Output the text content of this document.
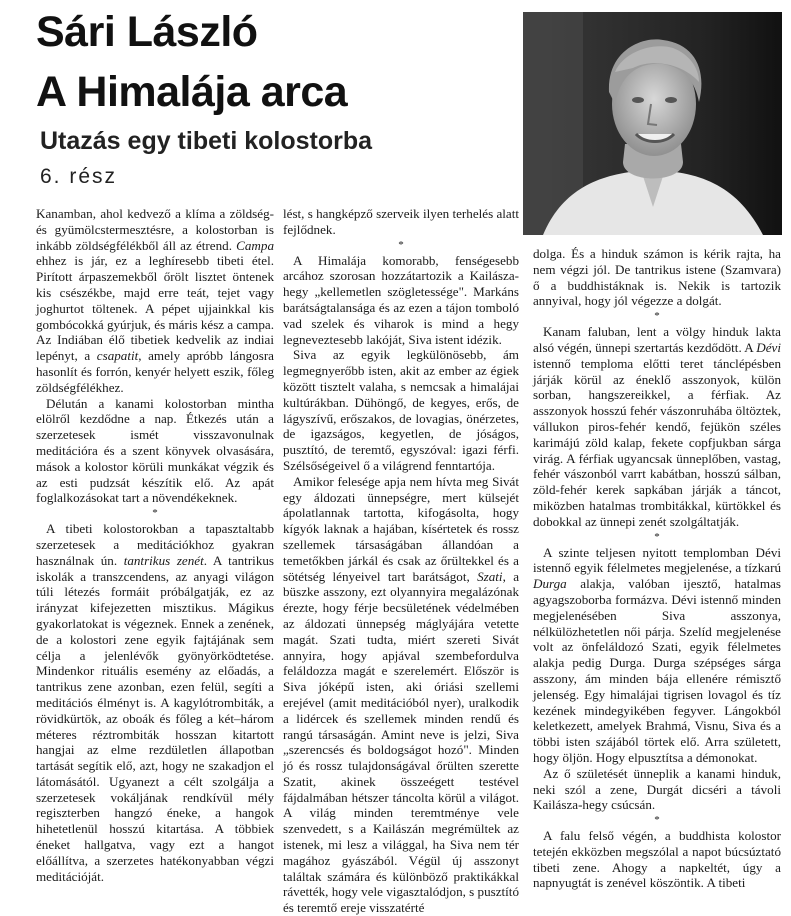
Sári László
A Himalája arca
Utazás egy tibeti kolostorba
6. rész

Kanamban, ahol kedvező a klíma a zöldség- és gyümölcstermesztésre, a kolostorban is inkább zöldségfélékből áll az étrend. Campa ehhez is jár, ez a leghíresebb tibeti étel. Pirított árpaszemekből őrölt lisztet öntenek kis csészékbe, majd erre teát, tejet vagy joghurtot töltenek. A pépet ujjainkkal kis gombócokká gyúrjuk, és máris kész a campa. Az Indiában élő tibetiek kedvelik az indiai lepényt, a csapatit, amely apróbb lángosra hasonlít és forrón, kenyér helyett eszik, főleg zöldségfélékhez.

Délután a kanami kolostorban mintha elölről kezdődne a nap. Étkezés után a szerzetesek ismét visszavonulnak meditációra és a szent könyvek olvasására, mások a kolostor körüli munkákat végzik és az esti pudzsát készítik elő. Az apát foglalkozásokat tart a növendékeknek.

*

A tibeti kolostorokban a tapasztaltabb szerzetesek a meditációkhoz gyakran használnak ún. tantrikus zenét. A tantrikus iskolák a transzcendens, az anyagi világon túli létezés formáit próbálgatják, ez az irányzat kifejezetten misztikus. Mágikus gyakorlatokat is végeznek. Ennek a zenének, de a kolostori zene egyik fajtájának sem célja a jelenlévők gyönyörködtetése. Mindenkor rituális esemény az előadás, a tantrikus zene azonban, ezen felül, segíti a meditációs élményt is. A kagylótrombiták, a rövidkürtök, az oboák és főleg a két–három méteres réztrombiták hosszan kitartott hangjai az elme rezdületlen állapotban tartását segítik elő, azt, hogy ne szakadjon el látomásától. Ugyanezt a célt szolgálja a szerzetesek vokáljának rendkívül mély regiszterben hangzó éneke, a hangok hihetetlenül hosszú kitartása. A többiek éneket hallgatva, vagy ezt a hangot előállítva, a szerzetes hatékonyabban végzi meditációját.

lést, s hangképző szerveik ilyen terhelés alatt fejlődnek.

*

A Himalája komorabb, fenségesebb arcához szorosan hozzátartozik a Kailásza-hegy „kellemetlen szögletessége". Markáns barátságtalansága és az ezen a tájon tomboló vad szelek és viharok is mind a hegy legneveztesebb lakóját, Siva istent idézik.

Siva az egyik legkülönösebb, ám legmegnyerőbb isten, akit az ember az égiek között tisztelt valaha, s nemcsak a himalájai kultúrákban. Dühöngő, de kegyes, erős, de lágyszívű, erőszakos, de lovagias, önérzetes, de igazságos, kegyetlen, de jóságos, pusztító, de teremtő, egyszóval: igazi férfi. Szélsőségeivel ő a világrend fenntartója.

Amikor felesége apja nem hívta meg Sivát egy áldozati ünnepségre, mert külsejét ápolatlannak tartotta, kifogásolta, hogy kígyók laknak a hajában, kísértetek és rossz szellemek társaságában állandóan a temetőkben járkál és csak az őrültekkel és a sötétség lényeivel tart barátságot, Szati, a büszke asszony, ezt olyannyira megalázónak érezte, hogy férje becsületének védelmében az áldozati ünnepség máglyájára vetette magát. Szati tudta, miért szereti Sivát annyira, hogy apjával szembefordulva feláldozza magát e szerelemért. Először is Siva jóképű isten, aki óriási szellemi erejével (amit meditációból nyer), uralkodik a lidércek és szellemek minden rendű és rangú társaságán. Amint neve is jelzi, Siva „szerencsés és boldogságot hozó". Minden jó és rossz tulajdonságával őrülten szerette Szatit, akinek összeégett testével fájdalmában hétszer táncolta körül a világot. A világ minden teremtménye vele szenvedett, s a Kailászán megrémültek az istenek, mi lesz a világgal, ha Siva nem tér magához gyászából. Végül új asszonyt találtak számára és különböző praktikákkal rávették, hogy vele vigasztalódjon, s pusztító és teremtő ereje visszatérté

dolga. És a hinduk számon is kérik rajta, ha nem végzi jól. De tantrikus istene (Szamvara) ő a buddhistáknak is. Nekik is tartozik annyival, hogy jól végezze a dolgát.

*

Kanam faluban, lent a völgy hinduk lakta alsó végén, ünnepi szertartás kezdődött. A Dévi istennő temploma előtti teret tánclépésben járják körül az éneklő asszonyok, külön sorban, hangszereikkel, a férfiak. Az asszonyok hosszú fehér vászonruhába öltöztek, vállukon piros-fehér kendő, fejükön széles karimájú zöld kalap, fekete copfjukban sárga virág. A férfiak ugyancsak ünneplőben, vastag, fehér vászonból varrt kabátban, hosszú sálban, zöld-fehér kerek sapkában járják a táncot, miközben hatalmas trombitákkal, kürtökkel és dobokkal az ünnepi zenét szolgáltatják.

*

A szinte teljesen nyitott templomban Dévi istennő egyik félelmetes megjelenése, a tízkarú Durga alakja, valóban ijesztő, hatalmas agyagszoborba formázva. Dévi istennő minden megjelenésében Siva asszonya, nélkülözhetetlen női párja. Szelíd megjelenése volt az önfeláldozó Szati, egyik félelmetes alakja pedig Durga. Durga szépséges sárga asszony, ám minden bája ellenére rémisztő jelenség. Egy himalájai tigrisen lovagol és tíz kezének mindegyikében fegyver. Lángokból keletkezett, amelyek Brahmá, Visnu, Siva és a többi isten szájából törtek elő. Arra született, hogy öljön. Hogy elpusztítsa a démonokat.

Az ő születését ünneplik a kanami hinduk, neki szól a zene, Durgát dicséri a távoli Kailásza-hegy csúcsán.

*

A falu felső végén, a buddhista kolostor tetején ekközben megszólal a napot búcsúztató tibeti zene. Ahogy a napkeltét, úgy a napnyugtát is zenével köszöntik. A tibeti
